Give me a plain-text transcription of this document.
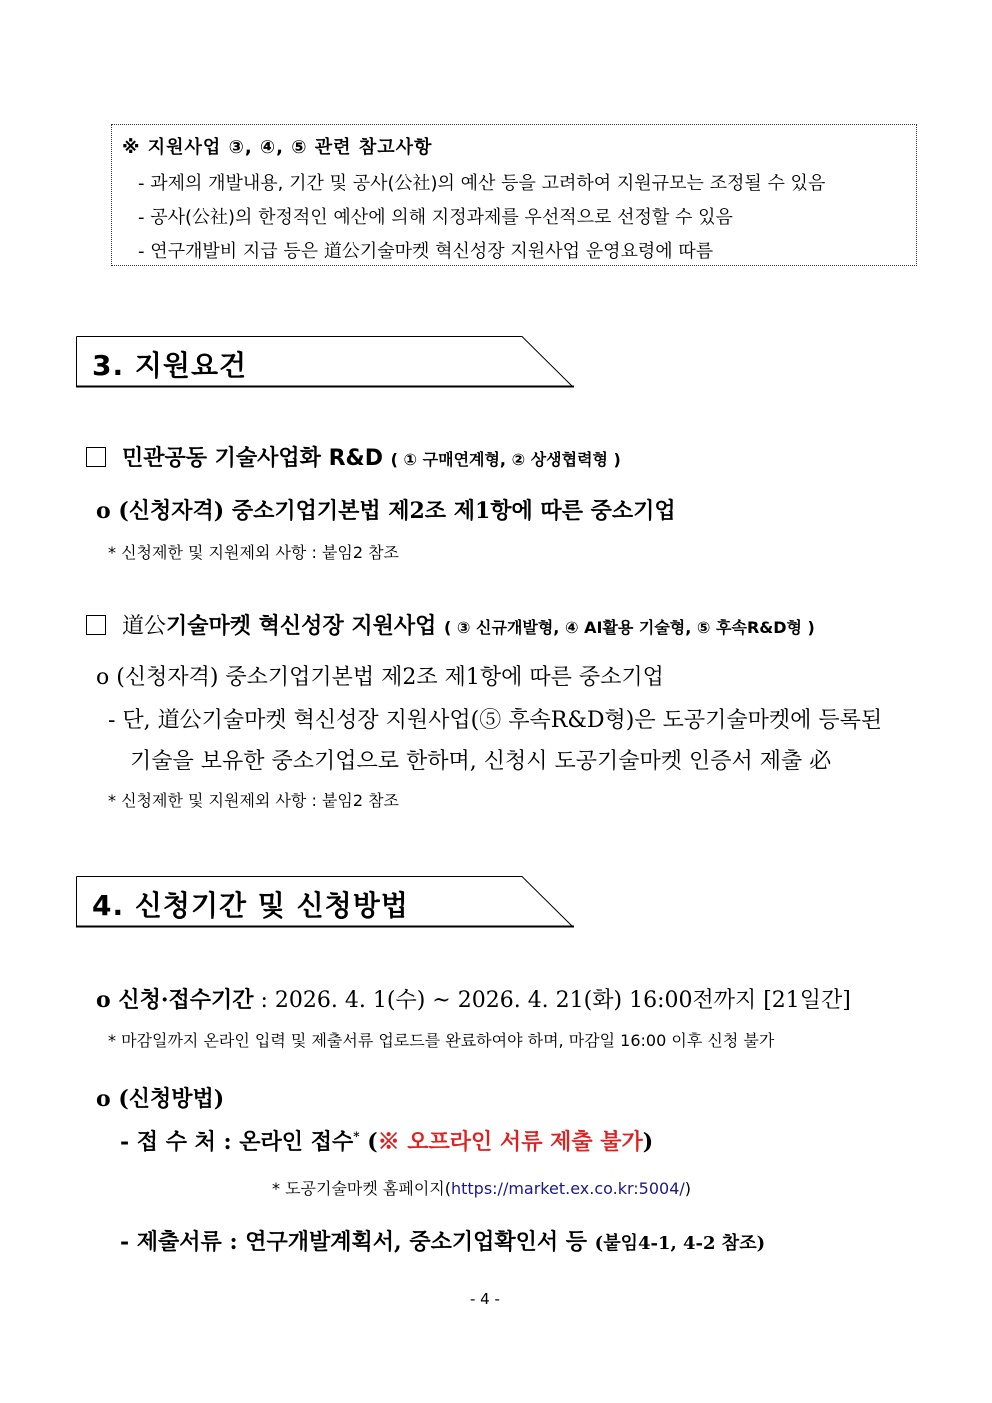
※ 지원사업 ③, ④, ⑤ 관련 참고사항
- 과제의 개발내용, 기간 및 공사(公社)의 예산 등을 고려하여 지원규모는 조정될 수 있음
- 공사(公社)의 한정적인 예산에 의해 지정과제를 우선적으로 선정할 수 있음
- 연구개발비 지급 등은 道公기술마켓 혁신성장 지원사업 운영요령에 따름
3. 지원요건
민관공동 기술사업화 R&D ( ① 구매연계형, ② 상생협력형 )
o (신청자격) 중소기업기본법 제2조 제1항에 따른 중소기업
* 신청제한 및 지원제외 사항 : 붙임2 참조
道公기술마켓 혁신성장 지원사업 ( ③ 신규개발형, ④ AI활용 기술형, ⑤ 후속R&D형 )
o (신청자격) 중소기업기본법 제2조 제1항에 따른 중소기업
- 단, 道公기술마켓 혁신성장 지원사업(⑤ 후속R&D형)은 도공기술마켓에 등록된
기술을 보유한 중소기업으로 한하며, 신청시 도공기술마켓 인증서 제출 必
* 신청제한 및 지원제외 사항 : 붙임2 참조
4. 신청기간 및 신청방법
o 신청·접수기간 : 2026. 4. 1(수) ~ 2026. 4. 21(화) 16:00전까지 [21일간]
* 마감일까지 온라인 입력 및 제출서류 업로드를 완료하여야 하며, 마감일 16:00 이후 신청 불가
o (신청방법)
- 접 수 처 : 온라인 접수* (※ 오프라인 서류 제출 불가)
* 도공기술마켓 홈페이지(https://market.ex.co.kr:5004/)
- 제출서류 : 연구개발계획서, 중소기업확인서 등 (붙임4-1, 4-2 참조)
- 4 -
